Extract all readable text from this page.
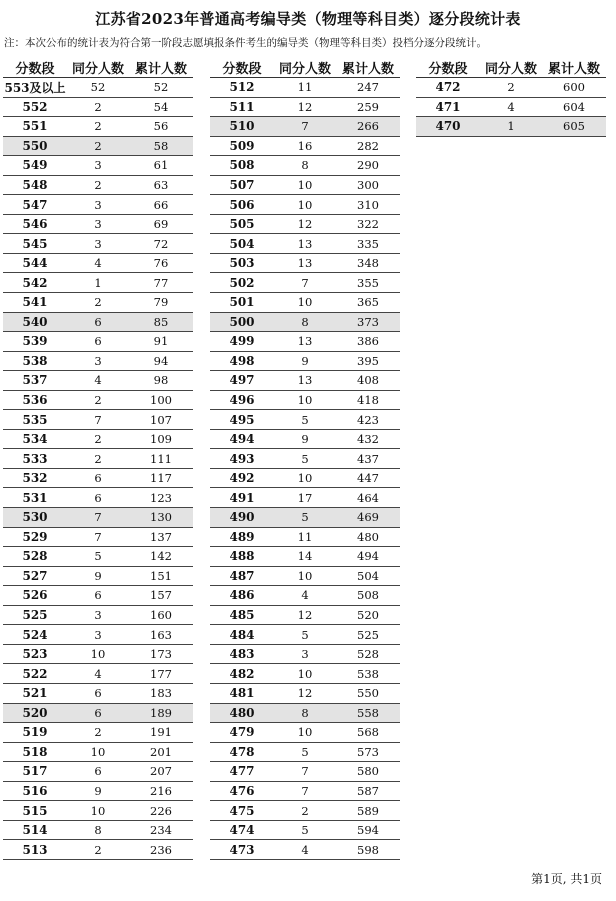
江苏省2023年普通高考编导类（物理等科目类）逐分段统计表
注：本次公布的统计表为符合第一阶段志愿填报条件考生的编导类（物理等科目类）投档分逐分段统计。
分数段	同分人数	累计人数
553及以上	52	52
552	2	54
551	2	56
550	2	58
549	3	61
548	2	63
547	3	66
546	3	69
545	3	72
544	4	76
542	1	77
541	2	79
540	6	85
539	6	91
538	3	94
537	4	98
536	2	100
535	7	107
534	2	109
533	2	111
532	6	117
531	6	123
530	7	130
529	7	137
528	5	142
527	9	151
526	6	157
525	3	160
524	3	163
523	10	173
522	4	177
521	6	183
520	6	189
519	2	191
518	10	201
517	6	207
516	9	216
515	10	226
514	8	234
513	2	236
分数段	同分人数	累计人数
512	11	247
511	12	259
510	7	266
509	16	282
508	8	290
507	10	300
506	10	310
505	12	322
504	13	335
503	13	348
502	7	355
501	10	365
500	8	373
499	13	386
498	9	395
497	13	408
496	10	418
495	5	423
494	9	432
493	5	437
492	10	447
491	17	464
490	5	469
489	11	480
488	14	494
487	10	504
486	4	508
485	12	520
484	5	525
483	3	528
482	10	538
481	12	550
480	8	558
479	10	568
478	5	573
477	7	580
476	7	587
475	2	589
474	5	594
473	4	598
分数段	同分人数	累计人数
472	2	600
471	4	604
470	1	605
第1页, 共1页
